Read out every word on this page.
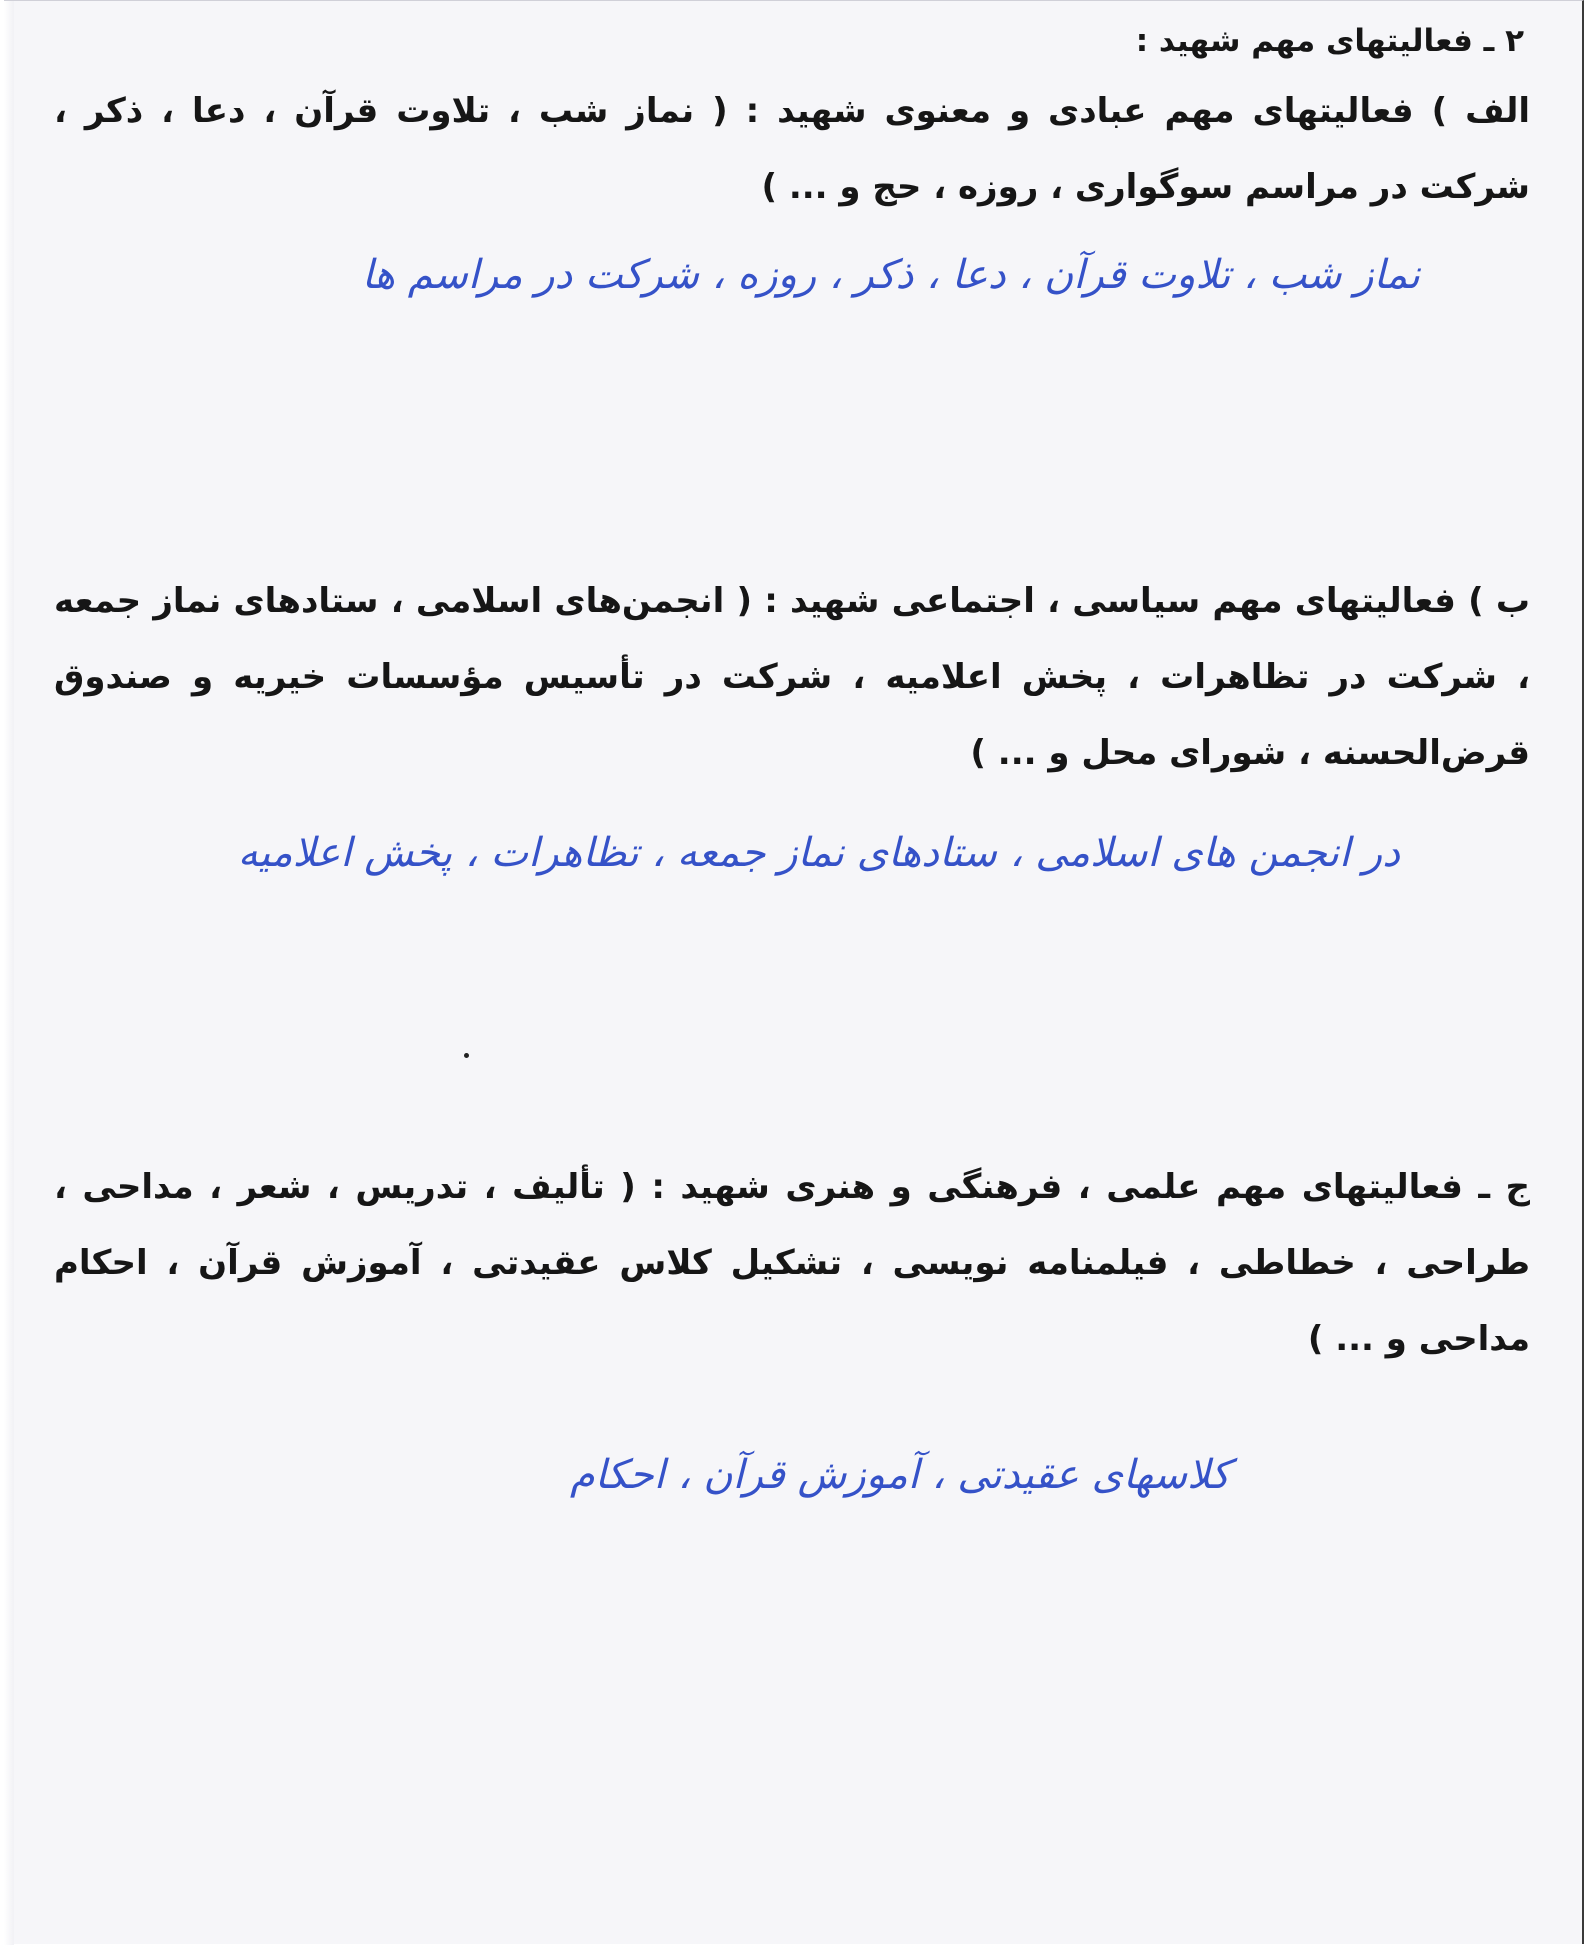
۲ ـ فعالیتهای مهم شهید :

الف ) فعالیتهای مهم عبادی و معنوی شهید : ( نماز شب ، تلاوت قرآن ، دعا ، ذکر ، شرکت در مراسم سوگواری ، روزه ، حج و ... )

نماز شب ، تلاوت قرآن ، دعا ، ذکر ، روزه ، شرکت در مراسم ها

ب ) فعالیتهای مهم سیاسی ، اجتماعی شهید : ( انجمن‌های اسلامی ، ستادهای نماز جمعه ، شرکت در تظاهرات ، پخش اعلامیه ، شرکت در تأسیس مؤسسات خیریه و صندوق قرض‌الحسنه ، شورای محل و ... )

در انجمن های اسلامی ، ستادهای نماز جمعه ، تظاهرات ، پخش اعلامیه

ج ـ فعالیتهای مهم علمی ، فرهنگی و هنری شهید : ( تألیف ، تدریس ، شعر ، مداحی ، طراحی ، خطاطی ، فیلمنامه نویسی ، تشکیل کلاس عقیدتی ، آموزش قرآن ، احکام مداحی و ... )

کلاسهای عقیدتی ، آموزش قرآن ، احکام
